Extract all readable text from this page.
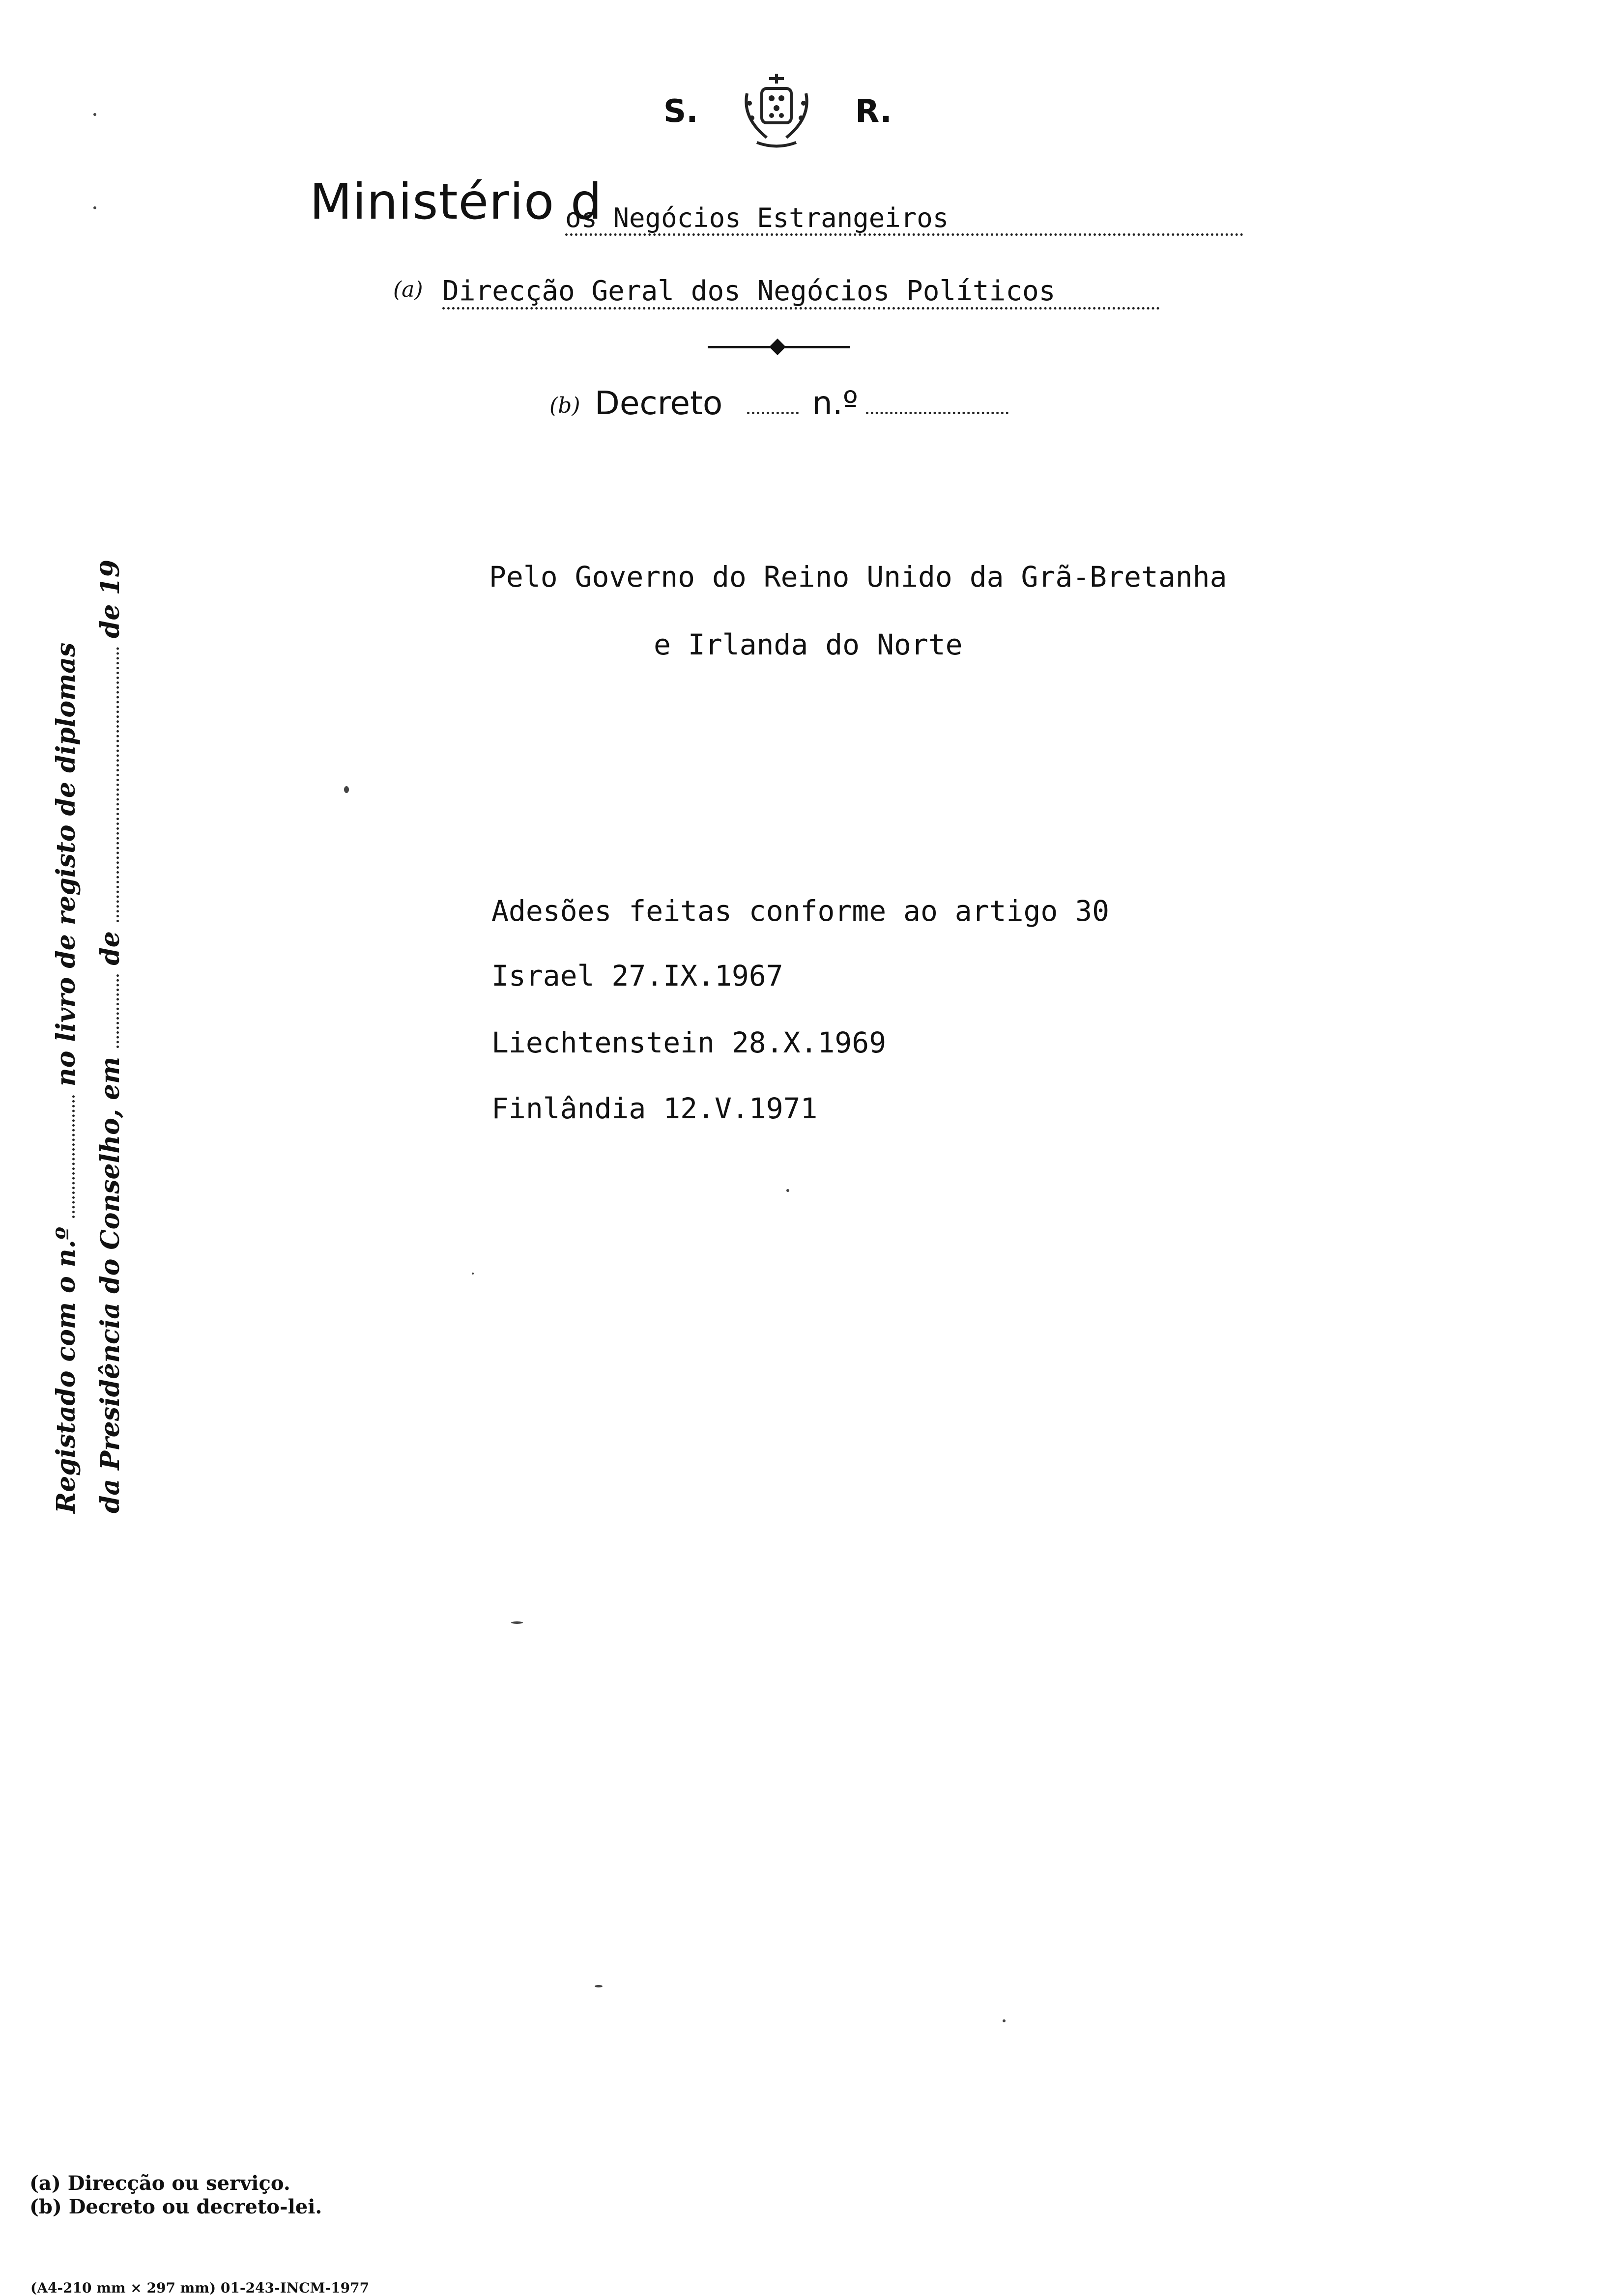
S.	R.
Ministério d
os Negócios Estrangeiros
(a) Direcção Geral dos Negócios Políticos
(b) Decreto	n.º
Pelo Governo do Reino Unido da Grã-Bretanha
e Irlanda do Norte
Adesões feitas conforme ao artigo 30
Israel 27.IX.1967
Liechtenstein 28.X.1969
Finlândia 12.V.1971
Registado com o n.º  no livro de registo de diplomas
da Presidência do Conselho, em  de  de 19
(a) Direcção ou serviço.
(b) Decreto ou decreto-lei.
(A4-210 mm × 297 mm) 01-243-INCM-1977
